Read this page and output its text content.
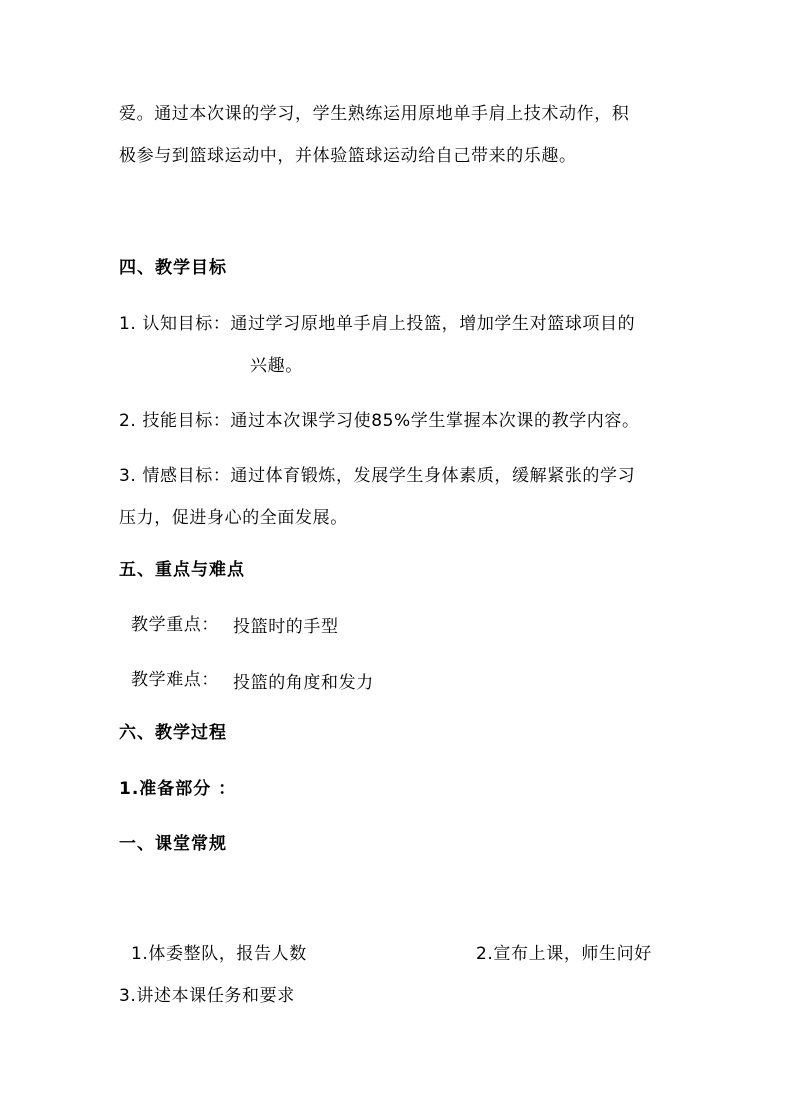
爱。通过本次课的学习，学生熟练运用原地单手肩上技术动作，积
极参与到篮球运动中，并体验篮球运动给自己带来的乐趣。
四、教学目标
1. 认知目标：通过学习原地单手肩上投篮，增加学生对篮球项目的
兴趣。
2. 技能目标：通过本次课学习使85%学生掌握本次课的教学内容。
3. 情感目标：通过体育锻炼，发展学生身体素质，缓解紧张的学习
压力，促进身心的全面发展。
五、重点与难点
教学重点： 投篮时的手型
教学难点： 投篮的角度和发力
六、教学过程
1.准备部分 ：
一、课堂常规
1.体委整队，报告人数	2.宣布上课，师生问好
3.讲述本课任务和要求
